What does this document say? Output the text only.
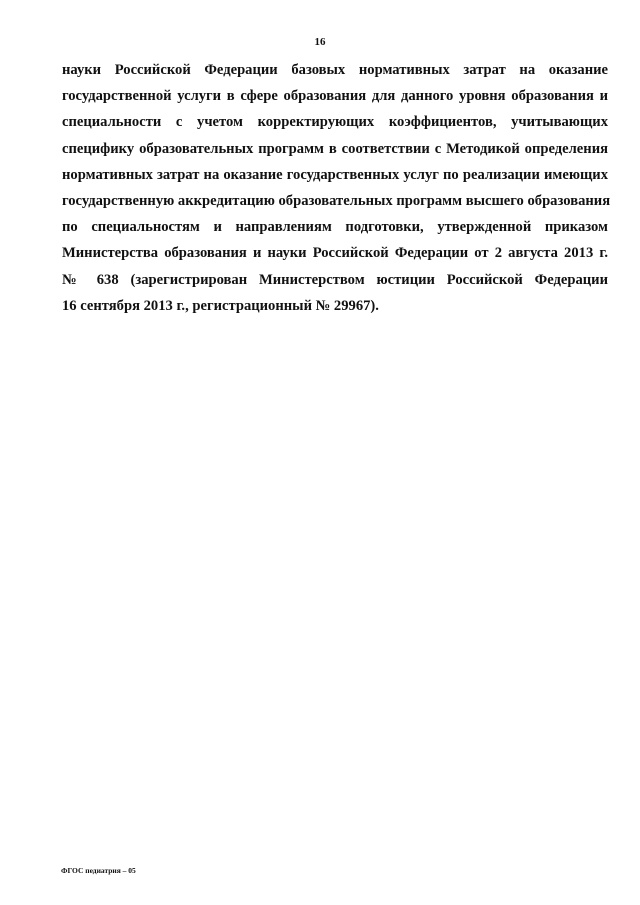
16
науки Российской Федерации базовых нормативных затрат на оказание
государственной услуги в сфере образования для данного уровня образования и
специальности с учетом корректирующих коэффициентов, учитывающих
специфику образовательных программ в соответствии с Методикой определения
нормативных затрат на оказание государственных услуг по реализации имеющих
государственную аккредитацию образовательных программ высшего образования
по специальностям и направлениям подготовки, утвержденной приказом
Министерства образования и науки Российской Федерации от 2 августа 2013 г.
№ 638 (зарегистрирован Министерством юстиции Российской Федерации
16 сентября 2013 г., регистрационный № 29967).
ФГОС педиатрия – 05
